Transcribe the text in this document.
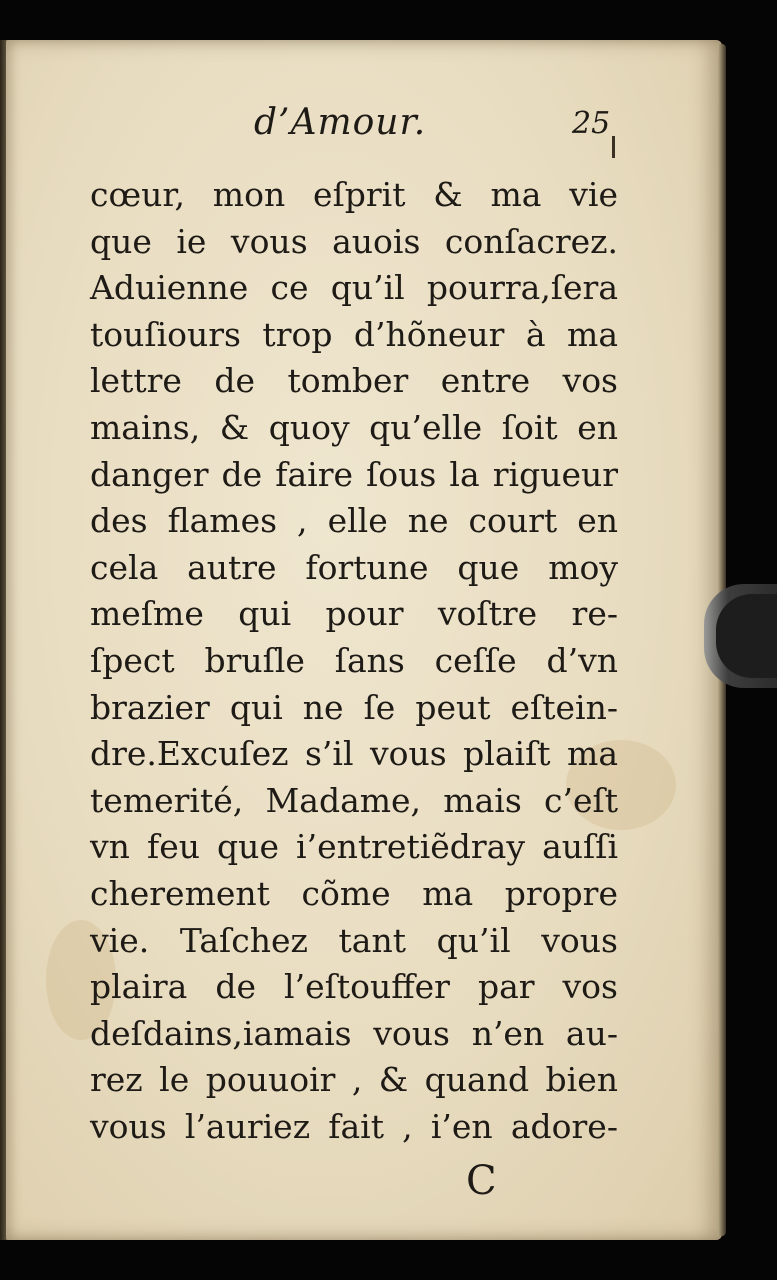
d’Amour.	25
cœur, mon eſprit & ma vie
que ie vous auois conſacrez.
Aduienne ce qu’il pourra,ſera
touſiours trop d’hõneur à ma
lettre de tomber entre vos
mains, & quoy qu’elle ſoit en
danger de faire ſous la rigueur
des flames , elle ne court en
cela autre fortune que moy
meſme qui pour voſtre re-
ſpect bruſle ſans ceſſe d’vn
brazier qui ne ſe peut eſtein-
dre.Excuſez s’il vous plaiſt ma
temerité, Madame, mais c’eſt
vn feu que i’entretiẽdray auſſi
cherement cõme ma propre
vie. Taſchez tant qu’il vous
plaira de l’eſtouffer par vos
deſdains,iamais vous n’en au-
rez le pouuoir , & quand bien
vous l’auriez fait , i’en adore-
C
